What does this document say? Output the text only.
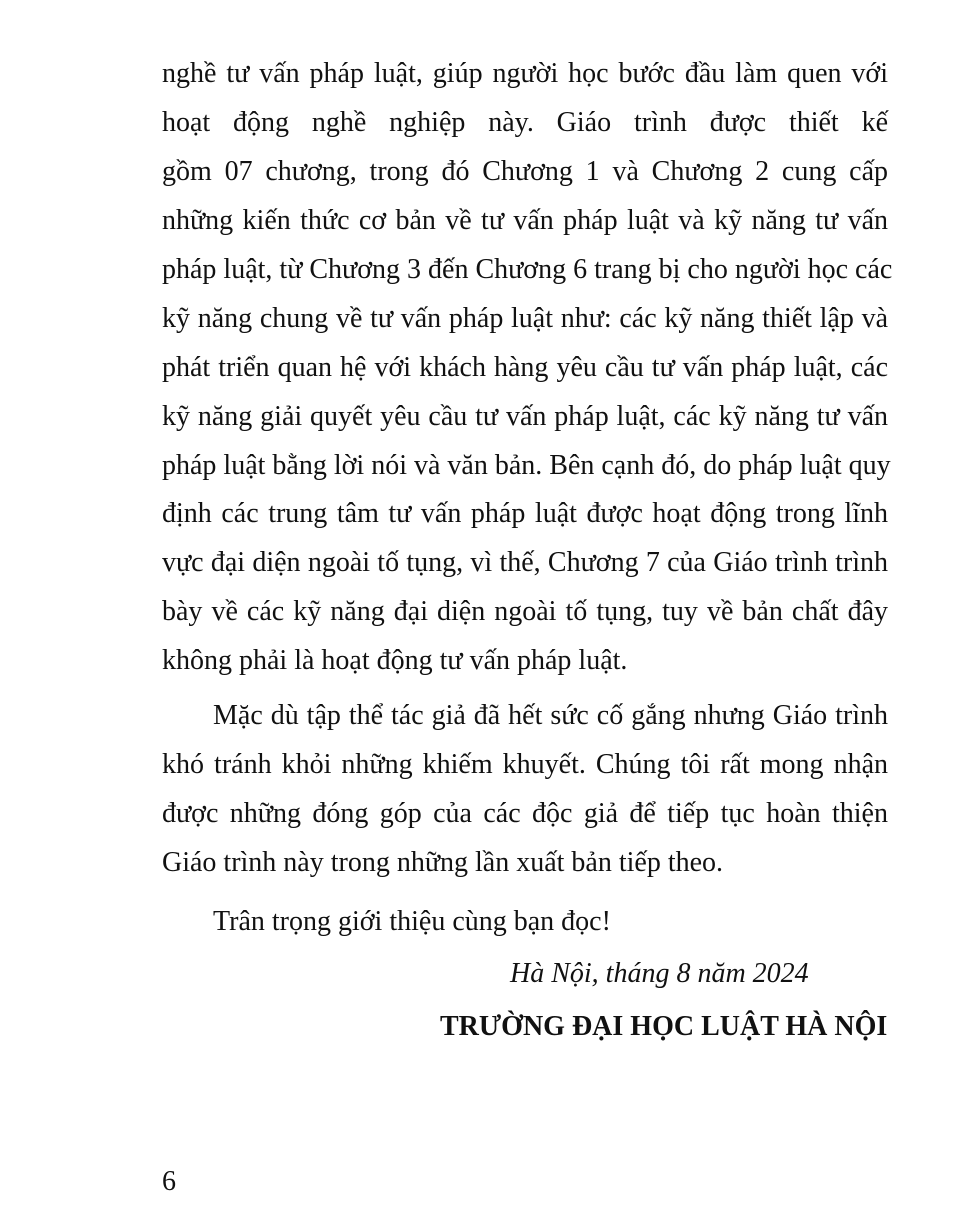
nghề tư vấn pháp luật, giúp người học bước đầu làm quen với
hoạt động nghề nghiệp này. Giáo trình được thiết kế
gồm 07 chương, trong đó Chương 1 và Chương 2 cung cấp
những kiến thức cơ bản về tư vấn pháp luật và kỹ năng tư vấn
pháp luật, từ Chương 3 đến Chương 6 trang bị cho người học các
kỹ năng chung về tư vấn pháp luật như: các kỹ năng thiết lập và
phát triển quan hệ với khách hàng yêu cầu tư vấn pháp luật, các
kỹ năng giải quyết yêu cầu tư vấn pháp luật, các kỹ năng tư vấn
pháp luật bằng lời nói và văn bản. Bên cạnh đó, do pháp luật quy
định các trung tâm tư vấn pháp luật được hoạt động trong lĩnh
vực đại diện ngoài tố tụng, vì thế, Chương 7 của Giáo trình trình
bày về các kỹ năng đại diện ngoài tố tụng, tuy về bản chất đây
không phải là hoạt động tư vấn pháp luật.
Mặc dù tập thể tác giả đã hết sức cố gắng nhưng Giáo trình
khó tránh khỏi những khiếm khuyết. Chúng tôi rất mong nhận
được những đóng góp của các độc giả để tiếp tục hoàn thiện
Giáo trình này trong những lần xuất bản tiếp theo.
Trân trọng giới thiệu cùng bạn đọc!
Hà Nội, tháng 8 năm 2024
TRƯỜNG ĐẠI HỌC LUẬT HÀ NỘI
6
